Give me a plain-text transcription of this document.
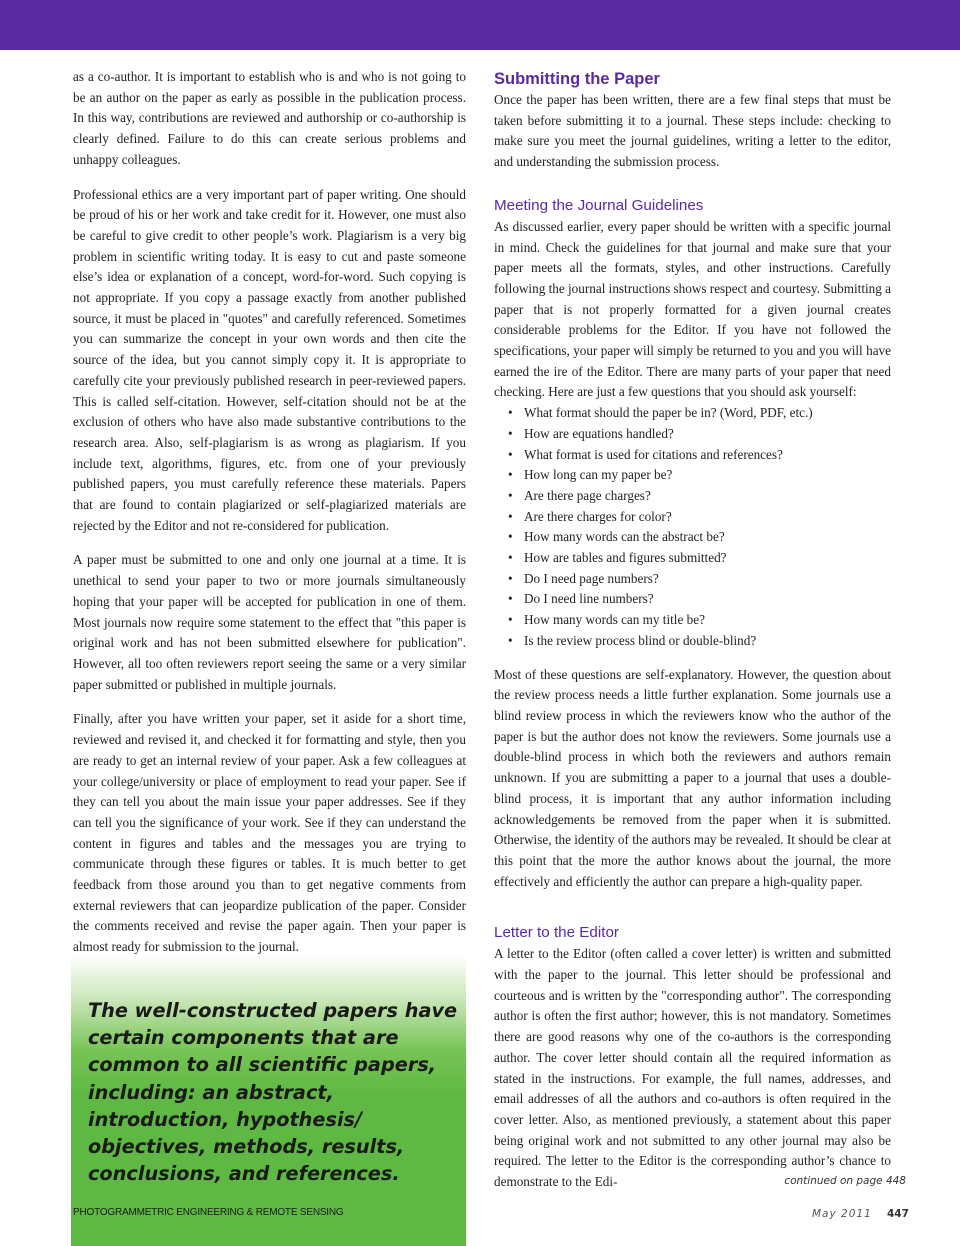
as a co-author. It is important to establish who is and who is not going to be an author on the paper as early as possible in the publication process. In this way, contributions are reviewed and authorship or co-authorship is clearly defined. Failure to do this can create serious problems and unhappy colleagues.

Professional ethics are a very important part of paper writing. One should be proud of his or her work and take credit for it. However, one must also be careful to give credit to other people’s work. Plagiarism is a very big problem in scientific writing today. It is easy to cut and paste someone else’s idea or explanation of a concept, word-for-word. Such copying is not appropriate. If you copy a passage exactly from another published source, it must be placed in "quotes" and carefully referenced. Sometimes you can summarize the concept in your own words and then cite the source of the idea, but you cannot simply copy it. It is appropriate to carefully cite your previously published research in peer-reviewed papers. This is called self-citation. However, self-citation should not be at the exclusion of others who have also made substantive contributions to the research area. Also, self-plagiarism is as wrong as plagiarism. If you include text, algorithms, figures, etc. from one of your previously published papers, you must carefully reference these materials. Papers that are found to contain plagiarized or self-plagiarized materials are rejected by the Editor and not re-considered for publication.

A paper must be submitted to one and only one journal at a time. It is unethical to send your paper to two or more journals simultaneously hoping that your paper will be accepted for publication in one of them. Most journals now require some statement to the effect that "this paper is original work and has not been submitted elsewhere for publication". However, all too often reviewers report seeing the same or a very similar paper submitted or published in multiple journals.

Finally, after you have written your paper, set it aside for a short time, reviewed and revised it, and checked it for formatting and style, then you are ready to get an internal review of your paper. Ask a few colleagues at your college/university or place of employment to read your paper. See if they can tell you about the main issue your paper addresses. See if they can tell you the significance of your work. See if they can understand the content in figures and tables and the messages you are trying to communicate through these figures or tables. It is much better to get feedback from those around you than to get negative comments from external reviewers that can jeopardize publication of the paper. Consider the comments received and revise the paper again. Then your paper is almost ready for submission to the journal.

The well-constructed papers have certain components that are common to all scientific papers, including: an abstract, introduction, hypothesis/ objectives, methods, results, conclusions, and references.

Submitting the Paper

Once the paper has been written, there are a few final steps that must be taken before submitting it to a journal. These steps include: checking to make sure you meet the journal guidelines, writing a letter to the editor, and understanding the submission process.

Meeting the Journal Guidelines

As discussed earlier, every paper should be written with a specific journal in mind. Check the guidelines for that journal and make sure that your paper meets all the formats, styles, and other instructions. Carefully following the journal instructions shows respect and courtesy. Submitting a paper that is not properly formatted for a given journal creates considerable problems for the Editor. If you have not followed the specifications, your paper will simply be returned to you and you will have earned the ire of the Editor. There are many parts of your paper that need checking. Here are just a few questions that you should ask yourself:

• What format should the paper be in? (Word, PDF, etc.)
• How are equations handled?
• What format is used for citations and references?
• How long can my paper be?
• Are there page charges?
• Are there charges for color?
• How many words can the abstract be?
• How are tables and figures submitted?
• Do I need page numbers?
• Do I need line numbers?
• How many words can my title be?
• Is the review process blind or double-blind?

Most of these questions are self-explanatory. However, the question about the review process needs a little further explanation. Some journals use a blind review process in which the reviewers know who the author of the paper is but the author does not know the reviewers. Some journals use a double-blind process in which both the reviewers and authors remain unknown. If you are submitting a paper to a journal that uses a double-blind process, it is important that any author information including acknowledgements be removed from the paper when it is submitted. Otherwise, the identity of the authors may be revealed. It should be clear at this point that the more the author knows about the journal, the more effectively and efficiently the author can prepare a high-quality paper.

Letter to the Editor

A letter to the Editor (often called a cover letter) is written and submitted with the paper to the journal. This letter should be professional and courteous and is written by the "corresponding author". The corresponding author is often the first author; however, this is not mandatory. Sometimes there are good reasons why one of the co-authors is the corresponding author. The cover letter should contain all the required information as stated in the instructions. For example, the full names, addresses, and email addresses of all the authors and co-authors is often required in the cover letter. Also, as mentioned previously, a statement about this paper being original work and not submitted to any other journal may also be required. The letter to the Editor is the corresponding author’s chance to demonstrate to the Edi-	continued on page 448
PHOTOGRAMMETRIC ENGINEERING & REMOTE SENSING	May 2011 447
